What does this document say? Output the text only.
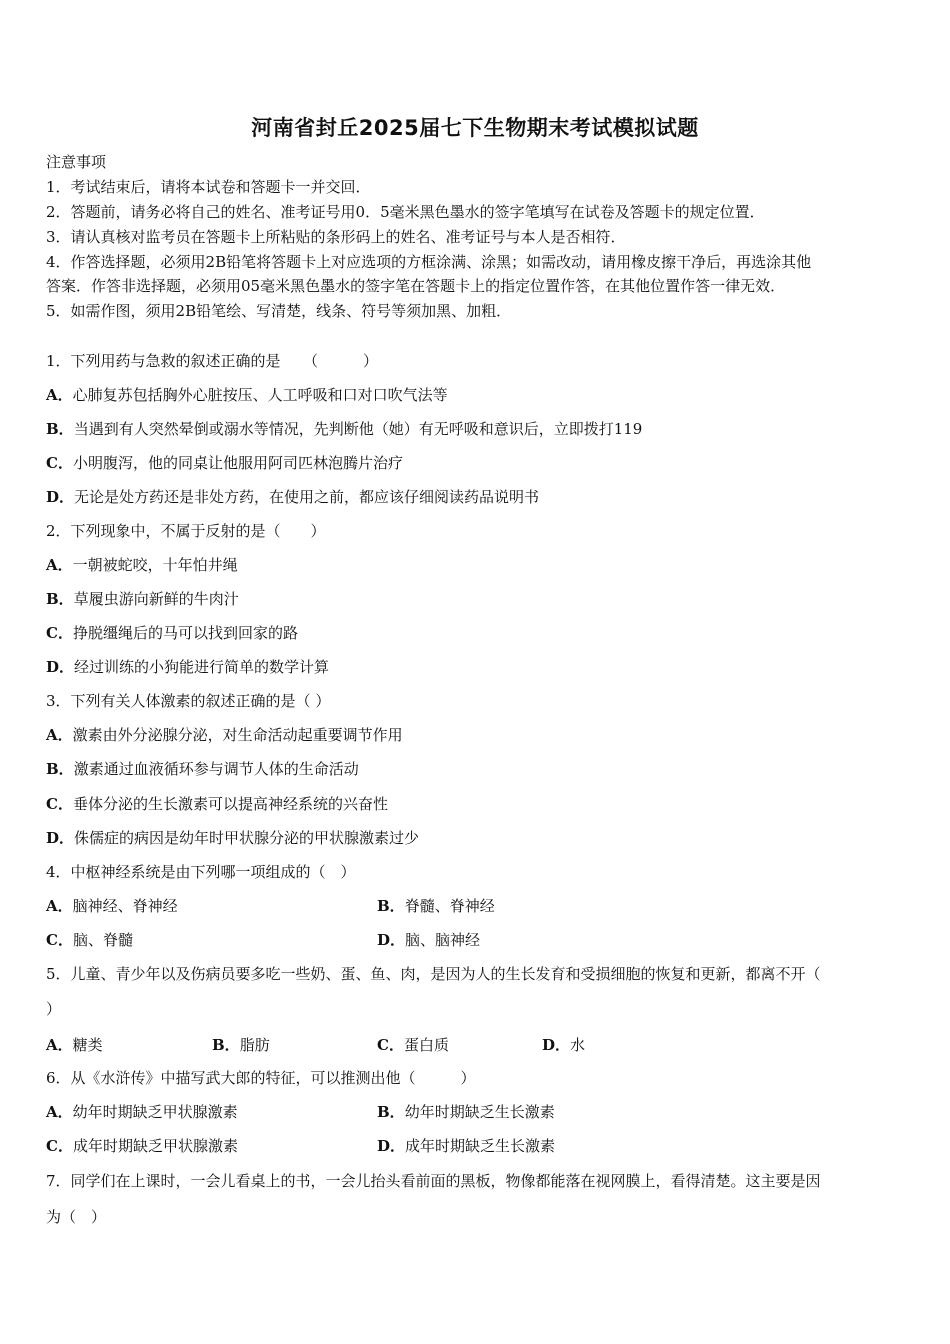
河南省封丘2025届七下生物期末考试模拟试题
注意事项
1．考试结束后，请将本试卷和答题卡一并交回．
2．答题前，请务必将自己的姓名、准考证号用0．5毫米黑色墨水的签字笔填写在试卷及答题卡的规定位置．
3．请认真核对监考员在答题卡上所粘贴的条形码上的姓名、准考证号与本人是否相符．
4．作答选择题，必须用2B铅笔将答题卡上对应选项的方框涂满、涂黑；如需改动，请用橡皮擦干净后，再选涂其他
答案．作答非选择题，必须用05毫米黑色墨水的签字笔在答题卡上的指定位置作答，在其他位置作答一律无效．
5．如需作图，须用2B铅笔绘、写清楚，线条、符号等须加黑、加粗．
1．下列用药与急救的叙述正确的是　　（　　　）
A．心肺复苏包括胸外心脏按压、人工呼吸和口对口吹气法等
B．当遇到有人突然晕倒或溺水等情况，先判断他（她）有无呼吸和意识后，立即拨打119
C．小明腹泻，他的同桌让他服用阿司匹林泡腾片治疗
D．无论是处方药还是非处方药，在使用之前，都应该仔细阅读药品说明书
2．下列现象中，不属于反射的是（　　）
A．一朝被蛇咬，十年怕井绳
B．草履虫游向新鲜的牛肉汁
C．挣脱缰绳后的马可以找到回家的路
D．经过训练的小狗能进行简单的数学计算
3．下列有关人体激素的叙述正确的是（ ）
A．激素由外分泌腺分泌，对生命活动起重要调节作用
B．激素通过血液循环参与调节人体的生命活动
C．垂体分泌的生长激素可以提高神经系统的兴奋性
D．侏儒症的病因是幼年时甲状腺分泌的甲状腺激素过少
4．中枢神经系统是由下列哪一项组成的（　）
A．脑神经、脊神经	B．脊髓、脊神经
C．脑、脊髓	D．脑、脑神经
5．儿童、青少年以及伤病员要多吃一些奶、蛋、鱼、肉，是因为人的生长发育和受损细胞的恢复和更新，都离不开（
）
A．糖类	B．脂肪	C．蛋白质	D．水
6．从《水浒传》中描写武大郎的特征，可以推测出他（　　　）
A．幼年时期缺乏甲状腺激素	B．幼年时期缺乏生长激素
C．成年时期缺乏甲状腺激素	D．成年时期缺乏生长激素
7．同学们在上课时，一会儿看桌上的书，一会儿抬头看前面的黑板，物像都能落在视网膜上，看得清楚。这主要是因
为（　）
